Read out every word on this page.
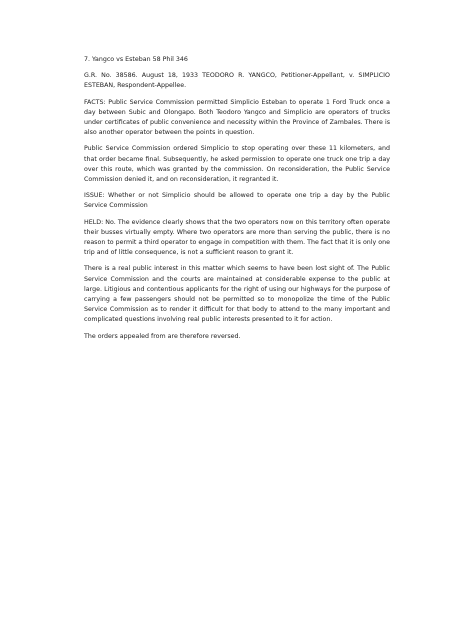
7. Yangco vs Esteban 58 Phil 346
G.R. No. 38586. August 18, 1933 TEODORO R. YANGCO, Petitioner-Appellant, v. SIMPLICIO ESTEBAN, Respondent-Appellee.
FACTS: Public Service Commission permitted Simplicio Esteban to operate 1 Ford Truck once a day between Subic and Olongapo. Both Teodoro Yangco and Simplicio are operators of trucks under certificates of public convenience and necessity within the Province of Zambales. There is also another operator between the points in question.
Public Service Commission ordered Simplicio to stop operating over these 11 kilometers, and that order became final. Subsequently, he asked permission to operate one truck one trip a day over this route, which was granted by the commission. On reconsideration, the Public Service Commission denied it, and on reconsideration, it regranted it.
ISSUE: Whether or not Simplicio should be allowed to operate one trip a day by the Public Service Commission
HELD: No. The evidence clearly shows that the two operators now on this territory often operate their busses virtually empty. Where two operators are more than serving the public, there is no reason to permit a third operator to engage in competition with them. The fact that it is only one trip and of little consequence, is not a sufficient reason to grant it.
There is a real public interest in this matter which seems to have been lost sight of. The Public Service Commission and the courts are maintained at considerable expense to the public at large. Litigious and contentious applicants for the right of using our highways for the purpose of carrying a few passengers should not be permitted so to monopolize the time of the Public Service Commission as to render it difficult for that body to attend to the many important and complicated questions involving real public interests presented to it for action.
The orders appealed from are therefore reversed.
